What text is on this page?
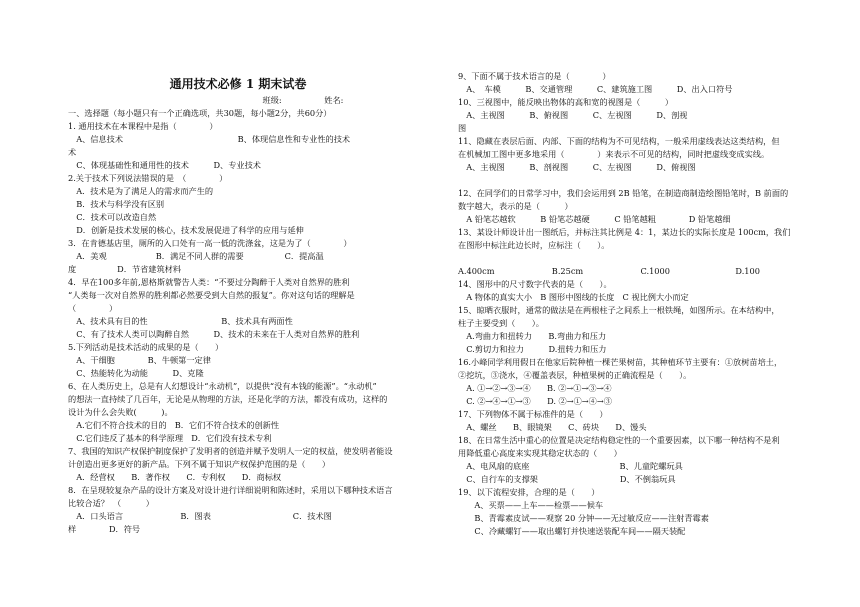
通用技术必修 1 期末试卷
班级:	姓名:
一、选择题（每小题只有一个正确选项，共30题，每小题2分，共60分）
1. 通用技术在本课程中是指（　　　　）
　A、信息技术　　　　　　　　　　　　　　B、体现信息性和专业性的技术
术
　C、体现基础性和通用性的技术　　　D、专业技术
2.关于技术下列说法错误的是　（　　　　）
　A．技术是为了满足人的需求而产生的
　B．技术与科学没有区别
　C．技术可以改造自然
　D．创新是技术发展的核心，技术发展促进了科学的应用与延伸
3．在肯德基店里，厕所的入口处有一高一低的洗涤盆，这是为了（　　　　）
　A．美观　　　　　　B．满足不同人群的需要　　　　　C．提高温
度　　　　　D．节省建筑材料
4．早在100多年前,恩格斯就警告人类：“不要过分陶醉于人类对自然界的胜利
“人类每一次对自然界的胜利都必然要受到大自然的报复”。你对这句话的理解是
（　　　　）
　A、技术具有目的性　　　　　　　　　B、技术具有两面性
　C、有了技术人类可以陶醉自然　　　D、技术的未来在于人类对自然界的胜利
5.下列活动是技术活动的成果的是（　　）
　A、干细胞　　　　B、牛顿第一定律
　C、热能转化为动能　　　D、克隆
6、在人类历史上，总是有人幻想设计“永动机”，以提供“没有本钱的能源”。“永动机”
的想法一直持续了几百年，无论是从物理的方法，还是化学的方法，都没有成功，这样的
设计为什么会失败(　　　)。
　A.它们不符合技术的目的　B．它们不符合技术的创新性
　C.它们违反了基本的科学原理　D．它们没有技术专利
7、我国的知识产权保护制度保护了发明者的创造并赋予发明人一定的权益，使发明者能设
计创造出更多更好的新产品。下列不属于知识产权保护范围的是（　　）
　A．经营权　　B．著作权　　C．专利权　　D．商标权
8．在呈现较复杂产品的设计方案及对设计进行详细说明和陈述时，采用以下哪种技术语言
比较合适？　（　　　）
　A．口头语言　　　　　　　B．图表　　　　　　　　　　C．技术图
样　　　　D．符号
9、下面不属于技术语言的是（　　　　）
　A、　车模　　　B、交通管理　　　C、建筑施工图　　　D、出入口符号
10、三视图中，能反映出物体的高和宽的视图是（　　　）
　A、主视图　　　B、俯视图　　　C、左视图　　　D、剖视
图
11、隐藏在表层后面、内部、下面的结构为不可见结构，一般采用虚线表达这类结构，但
在机械加工图中更多地采用（　　　　）来表示不可见的结构，同时把虚线变成实线。
　A、主视图　　　B、剖视图　　　C、左视图　　　D、俯视图
12、在同学们的日常学习中，我们会运用到 2B 铅笔，在制造商制造绘图铅笔时，B 前面的
数字越大，表示的是（　　　）
　A 铅笔芯越软　　　B 铅笔芯越硬　　　C 铅笔越粗　　　　D 铅笔越细
13、某设计师设计出一图纸后，并标注其比例是 4：1，某边长的实际长度是 100cm，我们
在图形中标注此边长时，应标注（　　）。
A.400cm　　　　　　　B.25cm　　　　　　　C.1000　　　　　　　　D.100
14、图形中的尺寸数字代表的是（　　）。
　A 物体的真实大小　B 图形中图线的长度　C 视比例大小而定
15、晾晒衣服时，通常的做法是在两根柱子之间系上一根铁绳，如图所示。在本结构中，
柱子主要受到（　　）。
　A.弯曲力和扭转力　　B.弯曲力和压力
　C.剪切力和拉力　　　D.扭转力和压力
16.小峰同学利用假日在他家后院种植一棵芒果树苗，其种植环节主要有：①放树苗培土，
②挖坑，③浇水，④覆盖表层，种植果树的正确流程是（　　）。
　A. ①→②→③→④　　B. ②→①→③→④
　C. ②→④→①→③　　D. ②→①→④→③
17、下列物体不属于标准件的是（　　）
　A、螺丝　　B、眼镜架　　C、砖块　　D、馒头
18、在日常生活中重心的位置是决定结构稳定性的一个重要因素，以下哪一种结构不是利
用降低重心高度来实现其稳定状态的（　　）
　A、电风扇的底座　　　　　　　　　　　B、儿童陀螺玩具
　C、自行车的支撑架　　　　　　　　　　D、不倒翁玩具
19、以下流程安排，合理的是（　　）
　　A、买票——上车——检票——候车
　　B、青霉素皮试——观察 20 分钟——无过敏反应——注射青霉素
　　C、冷藏螺钉——取出螺钉并快速送装配车间——隔天装配
